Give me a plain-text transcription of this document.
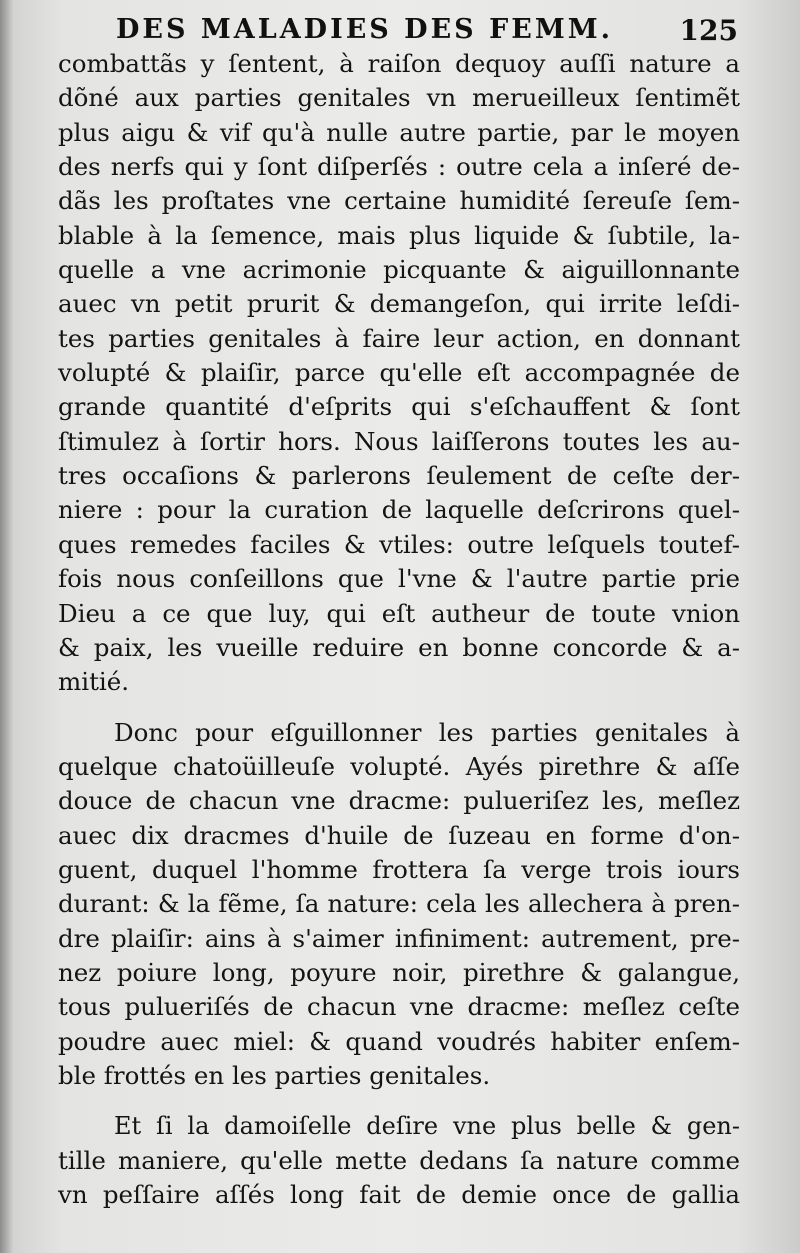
DES MALADIES DES FEMM. 125
combattãs y ſentent, à raiſon dequoy auſſi nature a
dõné aux parties genitales vn merueilleux ſentimẽt
plus aigu & vif qu'à nulle autre partie, par le moyen
des nerfs qui y ſont diſperſés : outre cela a inſeré de-
dãs les proſtates vne certaine humidité ſereuſe ſem-
blable à la ſemence, mais plus liquide & ſubtile, la-
quelle a vne acrimonie picquante & aiguillonnante
auec vn petit prurit & demangeſon, qui irrite leſdi-
tes parties genitales à faire leur action, en donnant
volupté & plaiſir, parce qu'elle eſt accompagnée de
grande quantité d'eſprits qui s'eſchauffent & ſont
ſtimulez à ſortir hors. Nous laiſſerons toutes les au-
tres occaſions & parlerons ſeulement de ceſte der-
niere : pour la curation de laquelle deſcrirons quel-
ques remedes faciles & vtiles: outre leſquels toutef-
fois nous conſeillons que l'vne & l'autre partie prie
Dieu a ce que luy, qui eſt autheur de toute vnion
& paix, les vueille reduire en bonne concorde & a-
mitié.
Donc pour eſguillonner les parties genitales à
quelque chatoüilleuſe volupté. Ayés pirethre & aſſe
douce de chacun vne dracme: pulueriſez les, meſlez
auec dix dracmes d'huile de ſuzeau en forme d'on-
guent, duquel l'homme frottera ſa verge trois iours
durant: & la fẽme, ſa nature: cela les allechera à pren-
dre plaiſir: ains à s'aimer infiniment: autrement, pre-
nez poiure long, poyure noir, pirethre & galangue,
tous pulueriſés de chacun vne dracme: meſlez ceſte
poudre auec miel: & quand voudrés habiter enſem-
ble frottés en les parties genitales.
Et ſi la damoiſelle deſire vne plus belle & gen-
tille maniere, qu'elle mette dedans ſa nature comme
vn peſſaire aſſés long fait de demie once de gallia
